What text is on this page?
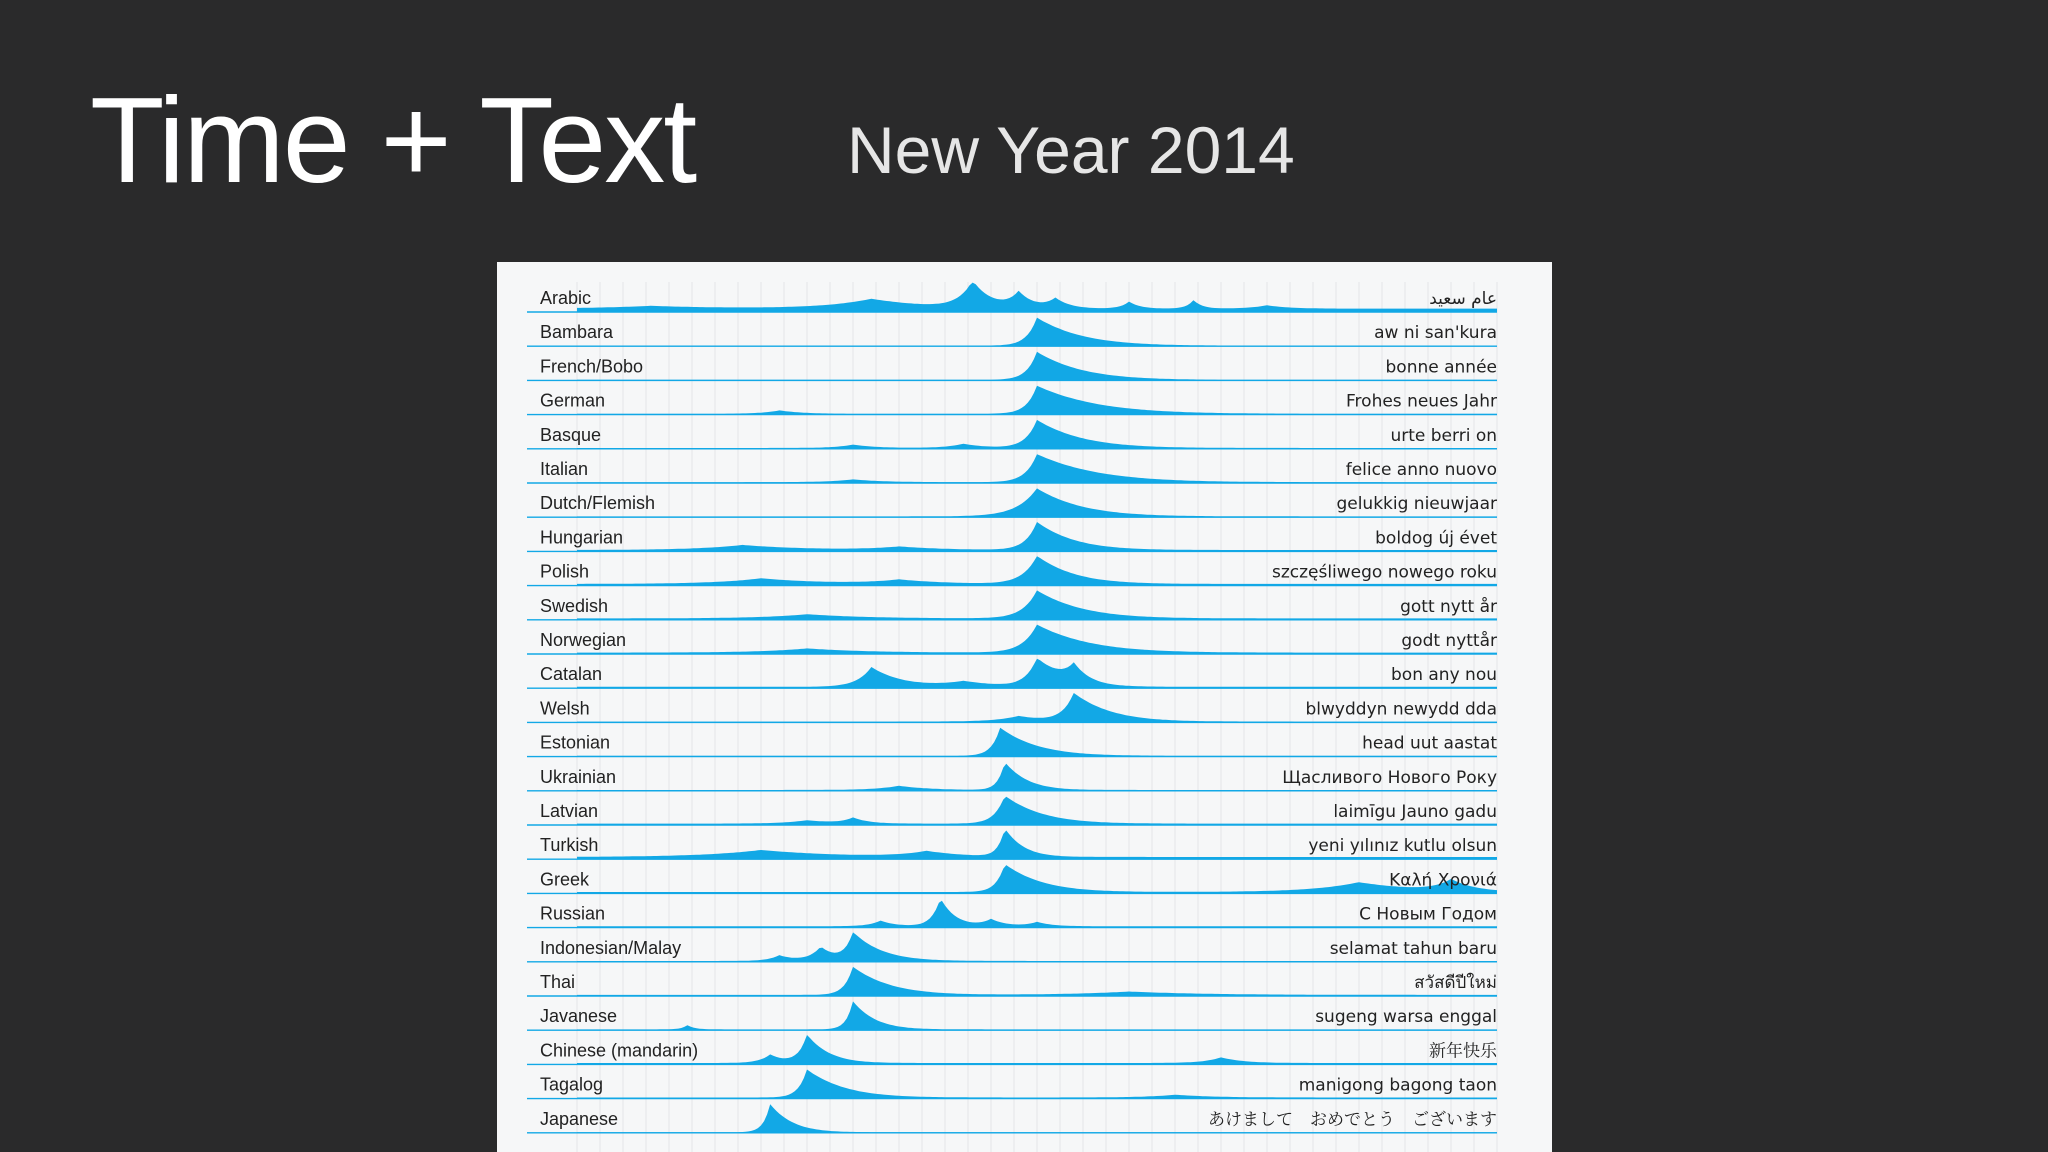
Time + Text New Year 2014
Arabic	عام سعيد
Bambara	aw ni san'kura
French/Bobo	bonne année
German	Frohes neues Jahr
Basque	urte berri on
Italian	felice anno nuovo
Dutch/Flemish	gelukkig nieuwjaar
Hungarian	boldog új évet
Polish	szczęśliwego nowego roku
Swedish	gott nytt år
Norwegian	godt nyttår
Catalan	bon any nou
Welsh	blwyddyn newydd dda
Estonian	head uut aastat
Ukrainian	Щасливого Нового Року
Latvian	laimīgu Jauno gadu
Turkish	yeni yılınız kutlu olsun
Greek	Καλή Χρονιά
Russian	С Новым Годом
Indonesian/Malay	selamat tahun baru
Thai	สวัสดีปีใหม่
Javanese	sugeng warsa enggal
Chinese (mandarin)	新年快乐
Tagalog	manigong bagong taon
Japanese	あけまして　おめでとう　ございます
